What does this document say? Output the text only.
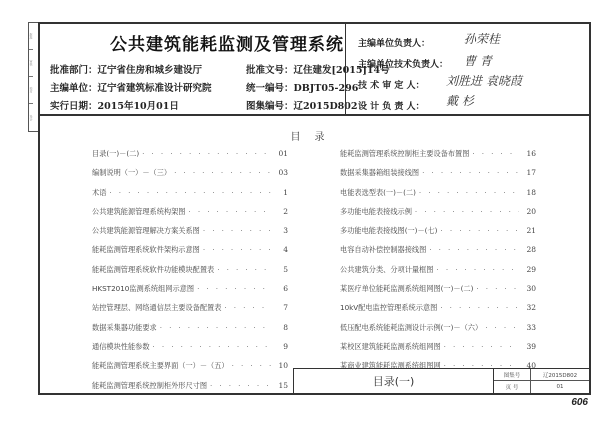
批准
审核
校对
设计
公共建筑能耗监测及管理系统
批准部门：辽宁省住房和城乡建设厅
主编单位：辽宁省建筑标准设计研究院
实行日期：2015年10月01日
批准文号：辽住建发[2015]14号
统一编号：DBJT05-296
图集编号：辽2015D802
主编单位负责人：	孙荣桂
主编单位技术负责人： 曹 青
技 术 审 定 人： 刘胜进 袁晓葭
设 计 负 责 人： 戴 杉
目录
目录(一)－(二) · · ·	01
编制说明（一）－（三） · · ·	03
术语 · · ·	1
公共建筑能源管理系统构架图 · · ·	2
公共建筑能源管理解决方案关系图 · · ·	3
能耗监测管理系统软件架构示意图 · · ·	4
能耗监测管理系统软件功能模块配置表 · · ·	5
HKST2010监测系统组网示意图 · · ·	6
站控管理层、网络通信层主要设备配置表 · · ·	7
数据采集器功能要求 · · ·	8
通信模块性能参数 · · ·	9
能耗监测管理系统主要界面（一）－（五） · · ·	10
能耗监测管理系统控制柜外形尺寸图 · · ·	15
能耗监测管理系统控制柜主要设备布置图 · · ·	16
数据采集器箱组装接线图 · · ·	17
电能表选型表(一)－(二) · · ·	18
多功能电能表接线示例 · · ·	20
多功能电能表接线图(一)－(七) · · ·	21
电容自动补偿控制器接线图 · · ·	28
公共建筑分类、分项计量框图 · · ·	29
某医疗单位能耗监测系统组网图(一)－(二) · · ·	30
10kV配电监控管理系统示意图 · · ·	32
低压配电系统能耗监测设计示例(一)－（六） · · ·	33
某校区建筑能耗监测系统组网图 · · ·	39
某商业建筑能耗监测系统组图网 · · ·	40
目录(一)	图集号	辽2015D802
页 号	01
606
